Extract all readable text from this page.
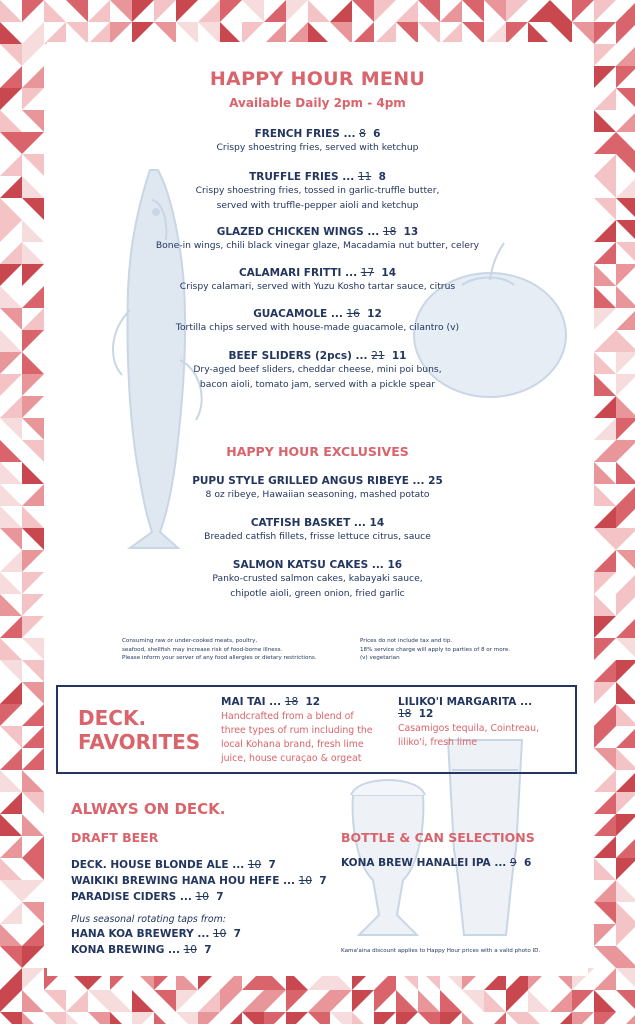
HAPPY HOUR MENU
Available Daily 2pm - 4pm
FRENCH FRIES ... 8 6
Crispy shoestring fries, served with ketchup
TRUFFLE FRIES ... 11 8
Crispy shoestring fries, tossed in garlic-truffle butter,
served with truffle-pepper aioli and ketchup
GLAZED CHICKEN WINGS ... 18 13
Bone-in wings, chili black vinegar glaze, Macadamia nut butter, celery
CALAMARI FRITTI ... 17 14
Crispy calamari, served with Yuzu Kosho tartar sauce, citrus
GUACAMOLE ... 16 12
Tortilla chips served with house-made guacamole, cilantro (v)
BEEF SLIDERS (2pcs) ... 21 11
Dry-aged beef sliders, cheddar cheese, mini poi buns,
bacon aioli, tomato jam, served with a pickle spear
HAPPY HOUR EXCLUSIVES
PUPU STYLE GRILLED ANGUS RIBEYE ... 25
8 oz ribeye, Hawaiian seasoning, mashed potato
CATFISH BASKET ... 14
Breaded catfish fillets, frisse lettuce citrus, sauce
SALMON KATSU CAKES ... 16
Panko-crusted salmon cakes, kabayaki sauce,
chipotle aioli, green onion, fried garlic
Consuming raw or under-cooked meats, poultry,
seafood, shellfish may increase risk of food-borne illness.
Please inform your server of any food allergies or dietary restrictions.
Prices do not include tax and tip.
18% service charge will apply to parties of 8 or more.
(v) vegetarian
DECK.
FAVORITES
MAI TAI ... 18 12
Handcrafted from a blend of
three types of rum including the
local Kohana brand, fresh lime
juice, house curaçao & orgeat
LILIKO'I MARGARITA ... 18 12
Casamigos tequila, Cointreau,
liliko'i, fresh lime
ALWAYS ON DECK.
DRAFT BEER
DECK. HOUSE BLONDE ALE ... 10 7
WAIKIKI BREWING HANA HOU HEFE ... 10 7
PARADISE CIDERS ... 10 7
Plus seasonal rotating taps from:
HANA KOA BREWERY ... 10 7
KONA BREWING ... 10 7
BOTTLE & CAN SELECTIONS
KONA BREW HANALEI IPA ... 9 6
Kama'aina discount applies to Happy Hour prices with a valid photo ID.
